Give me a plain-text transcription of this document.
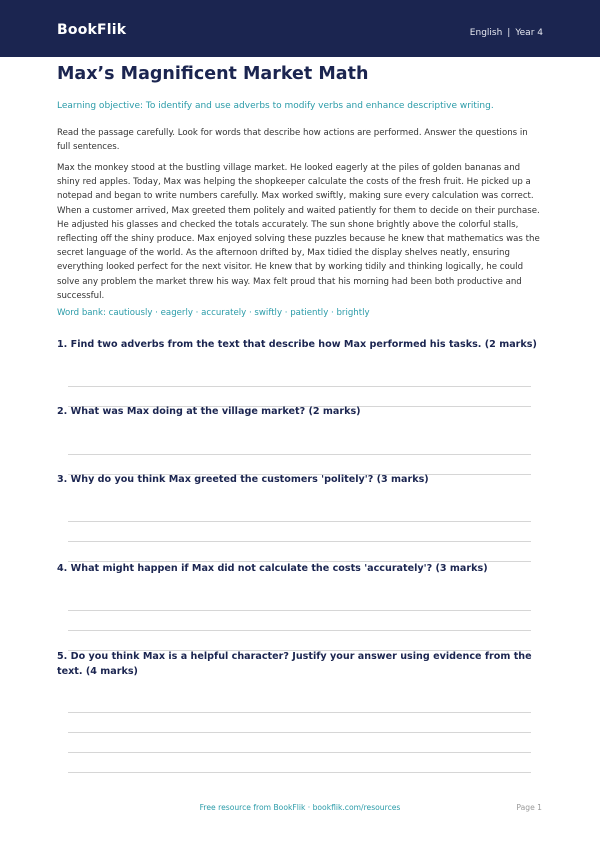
BookFlik	English | Year 4
Max’s Magnificent Market Math

Learning objective: To identify and use adverbs to modify verbs and enhance descriptive writing.

Read the passage carefully. Look for words that describe how actions are performed. Answer the questions in full sentences.

Max the monkey stood at the bustling village market. He looked eagerly at the piles of golden bananas and shiny red apples. Today, Max was helping the shopkeeper calculate the costs of the fresh fruit. He picked up a notepad and began to write numbers carefully. Max worked swiftly, making sure every calculation was correct. When a customer arrived, Max greeted them politely and waited patiently for them to decide on their purchase. He adjusted his glasses and checked the totals accurately. The sun shone brightly above the colorful stalls, reflecting off the shiny produce. Max enjoyed solving these puzzles because he knew that mathematics was the secret language of the world. As the afternoon drifted by, Max tidied the display shelves neatly, ensuring everything looked perfect for the next visitor. He knew that by working tidily and thinking logically, he could solve any problem the market threw his way. Max felt proud that his morning had been both productive and successful.

Word bank: cautiously · eagerly · accurately · swiftly · patiently · brightly

1. Find two adverbs from the text that describe how Max performed his tasks. (2 marks)

2. What was Max doing at the village market? (2 marks)

3. Why do you think Max greeted the customers 'politely'? (3 marks)

4. What might happen if Max did not calculate the costs 'accurately'? (3 marks)

5. Do you think Max is a helpful character? Justify your answer using evidence from the text. (4 marks)

Free resource from BookFlik · bookflik.com/resources	Page 1
